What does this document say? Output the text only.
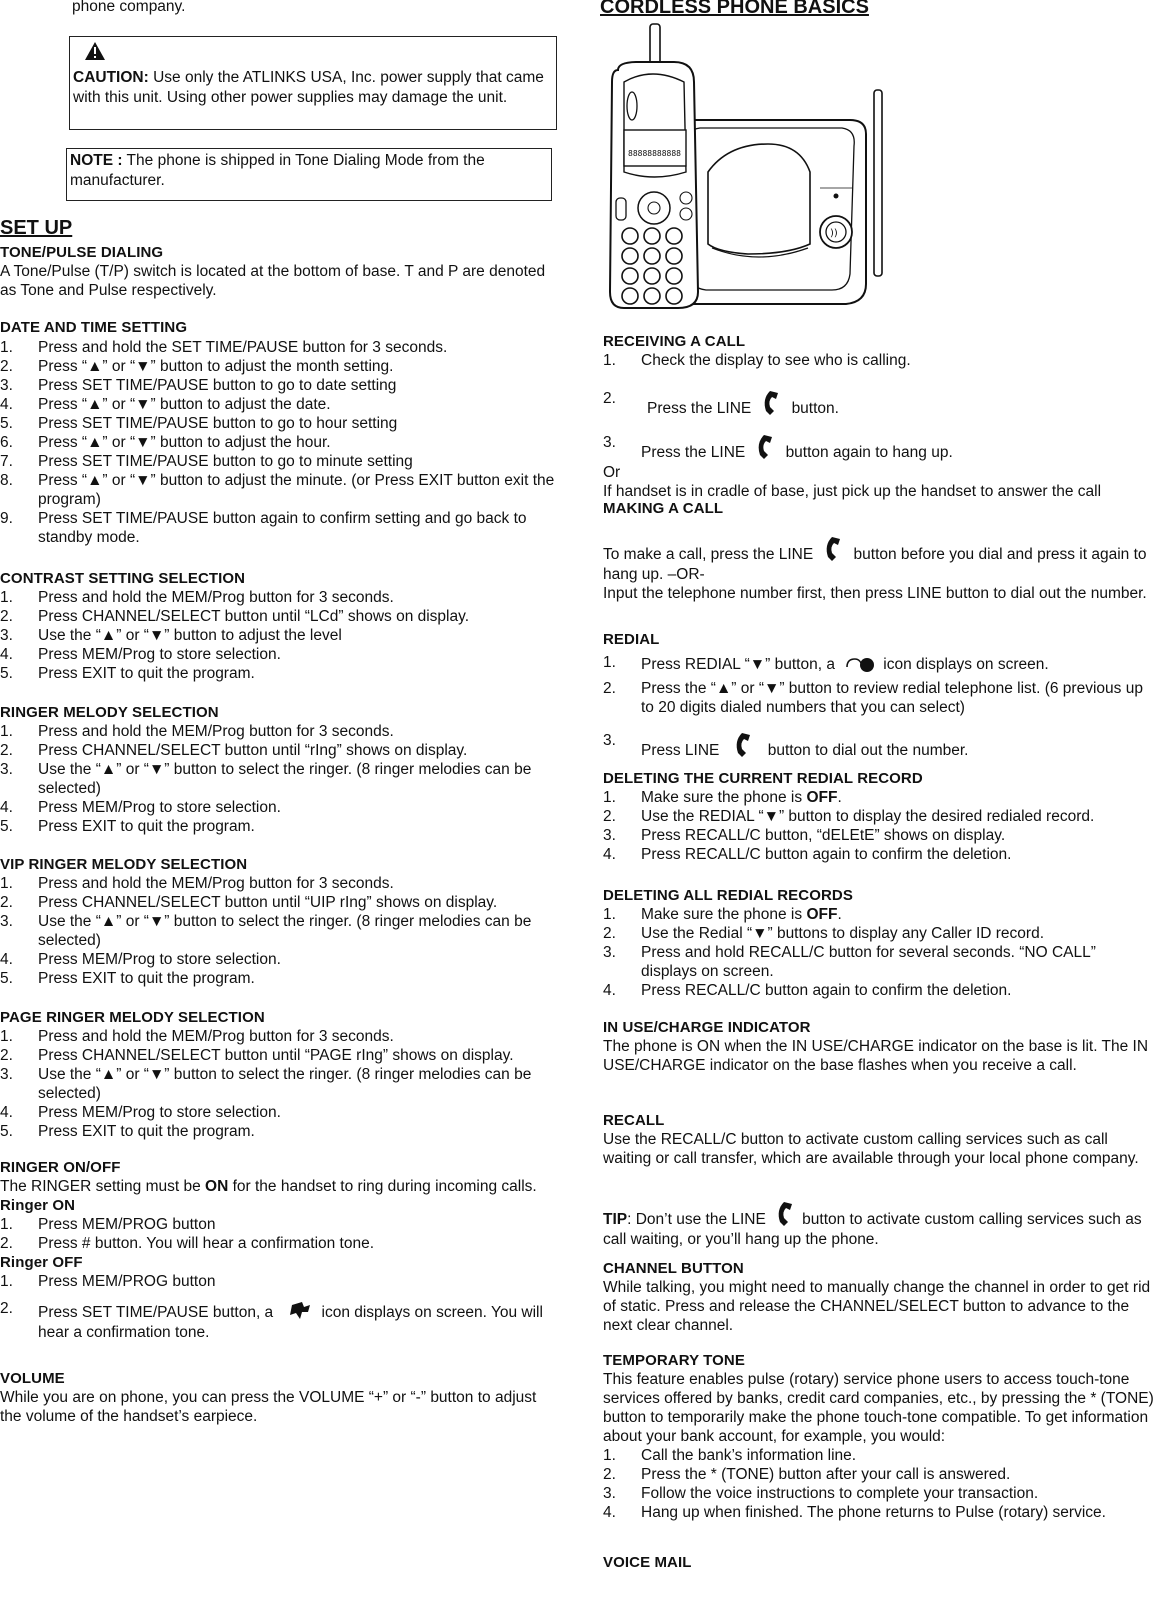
phone company.

CAUTION: Use only the ATLINKS USA, Inc. power supply that came with this unit. Using other power supplies may damage the unit.

NOTE : The phone is shipped in Tone Dialing Mode from the manufacturer.

SET UP
TONE/PULSE DIALING

A Tone/Pulse (T/P) switch is located at the bottom of base. T and P are denoted as Tone and Pulse respectively.

DATE AND TIME SETTING
1. Press and hold the SET TIME/PAUSE button for 3 seconds.
2. Press “▲” or “▼” button to adjust the month setting.
3. Press SET TIME/PAUSE button to go to date setting
4. Press “▲” or “▼” button to adjust the date.
5. Press SET TIME/PAUSE button to go to hour setting
6. Press “▲” or “▼” button to adjust the hour.
7. Press SET TIME/PAUSE button to go to minute setting
8. Press “▲” or “▼” button to adjust the minute. (or Press EXIT button exit the program)
9. Press SET TIME/PAUSE button again to confirm setting and go back to standby mode.
CONTRAST SETTING SELECTION
1. Press and hold the MEM/Prog button for 3 seconds.
2. Press CHANNEL/SELECT button until “LCd” shows on display.
3. Use the “▲” or “▼” button to adjust the level
4. Press MEM/Prog to store selection.
5. Press EXIT to quit the program.
RINGER MELODY SELECTION
1. Press and hold the MEM/Prog button for 3 seconds.
2. Press CHANNEL/SELECT button until “rIng” shows on display.
3. Use the “▲” or “▼” button to select the ringer. (8 ringer melodies can be selected)
4. Press MEM/Prog to store selection.
5. Press EXIT to quit the program.
VIP RINGER MELODY SELECTION
1. Press and hold the MEM/Prog button for 3 seconds.
2. Press CHANNEL/SELECT button until “UIP rIng” shows on display.
3. Use the “▲” or “▼” button to select the ringer. (8 ringer melodies can be selected)
4. Press MEM/Prog to store selection.
5. Press EXIT to quit the program.
PAGE RINGER MELODY SELECTION
1. Press and hold the MEM/Prog button for 3 seconds.
2. Press CHANNEL/SELECT button until “PAGE rIng” shows on display.
3. Use the “▲” or “▼” button to select the ringer. (8 ringer melodies can be selected)
4. Press MEM/Prog to store selection.
5. Press EXIT to quit the program.
RINGER ON/OFF

The RINGER setting must be ON for the handset to ring during incoming calls.

Ringer ON
1. Press MEM/PROG button
2. Press # button. You will hear a confirmation tone.
Ringer OFF
1. Press MEM/PROG button
2. Press SET TIME/PAUSE button, a	icon displays on screen. You will hear a confirmation tone.
VOLUME

While you are on phone, you can press the VOLUME “+” or “-” button to adjust the volume of the handset’s earpiece.

CORDLESS PHONE BASICS
))
88888888888
RECEIVING A CALL
1. Check the display to see who is calling.
2.
Press the LINE	button.
3.
Press the LINE	button again to hang up.

Or

If handset is in cradle of base, just pick up the handset to answer the call

MAKING A CALL

To make a call, press the LINE	button before you dial and press it again to hang up. –OR-

Input the telephone number first, then press LINE button to dial out the number.

REDIAL
1. Press REDIAL “▼” button, a	icon displays on screen.
2. Press the “▲” or “▼” button to review redial telephone list. (6 previous up to 20 digits dialed numbers that you can select)
3.
Press LINE	button to dial out the number.
DELETING THE CURRENT REDIAL RECORD
1. Make sure the phone is OFF.
2. Use the REDIAL “▼” button to display the desired redialed record.
3. Press RECALL/C button, “dELEtE” shows on display.
4. Press RECALL/C button again to confirm the deletion.
DELETING ALL REDIAL RECORDS
1. Make sure the phone is OFF.
2. Use the Redial “▼” buttons to display any Caller ID record.
3. Press and hold RECALL/C button for several seconds. “NO CALL” displays on screen.
4. Press RECALL/C button again to confirm the deletion.
IN USE/CHARGE INDICATOR

The phone is ON when the IN USE/CHARGE indicator on the base is lit. The IN USE/CHARGE indicator on the base flashes when you receive a call.

RECALL

Use the RECALL/C button to activate custom calling services such as call waiting or call transfer, which are available through your local phone company.

TIP: Don’t use the LINE button to activate custom calling services such as call waiting, or you’ll hang up the phone.

CHANNEL BUTTON

While talking, you might need to manually change the channel in order to get rid of static. Press and release the CHANNEL/SELECT button to advance to the next clear channel.

TEMPORARY TONE

This feature enables pulse (rotary) service phone users to access touch-tone services offered by banks, credit card companies, etc., by pressing the * (TONE) button to temporarily make the phone touch-tone compatible. To get information about your bank account, for example, you would:

1. Call the bank’s information line.
2. Press the * (TONE) button after your call is answered.
3. Follow the voice instructions to complete your transaction.
4. Hang up when finished. The phone returns to Pulse (rotary) service.
VOICE MAIL
